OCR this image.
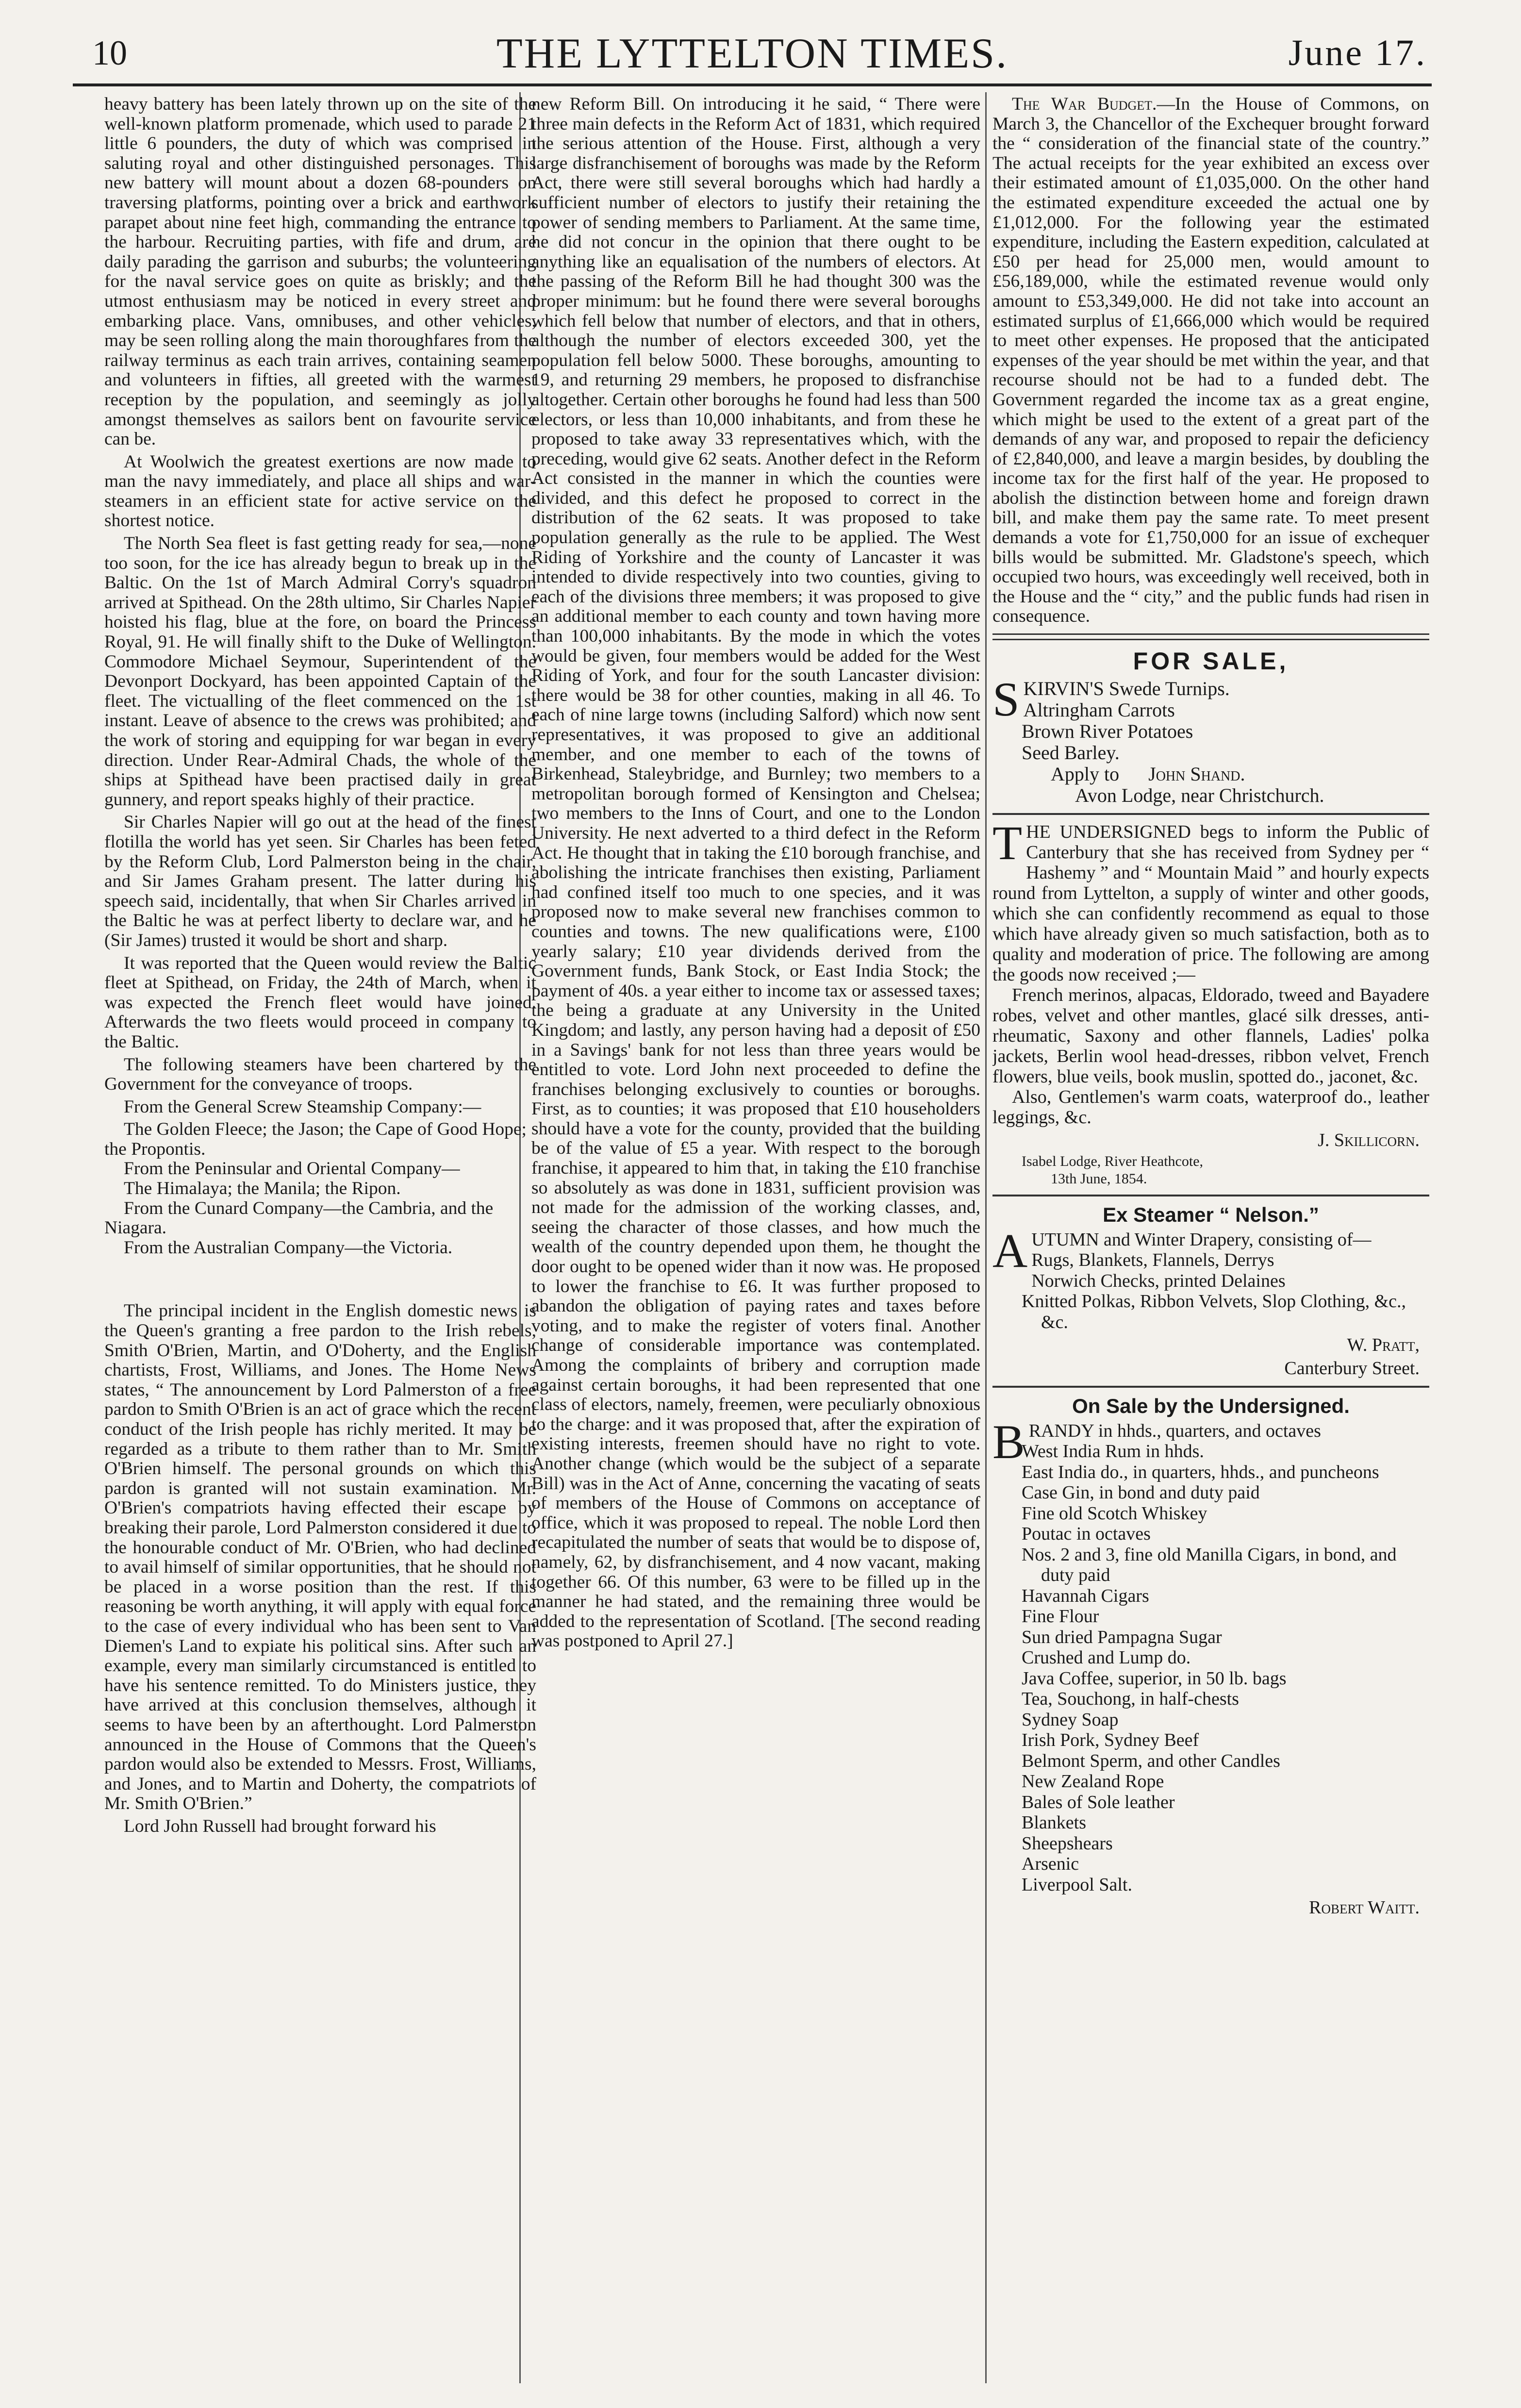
10	THE LYTTELTON TIMES.	June 17.

heavy battery has been lately thrown up on the site of the well-known platform promenade, which used to parade 21 little 6 pounders, the duty of which was comprised in saluting royal and other distinguished personages. This new battery will mount about a dozen 68-pounders on traversing platforms, pointing over a brick and earthwork parapet about nine feet high, commanding the entrance to the harbour. Recruiting parties, with fife and drum, are daily parading the garrison and suburbs; the volunteering for the naval service goes on quite as briskly; and the utmost enthusiasm may be noticed in every street and embarking place. Vans, omnibuses, and other vehicles, may be seen rolling along the main thoroughfares from the railway terminus as each train arrives, containing seamen and volunteers in fifties, all greeted with the warmest reception by the population, and seemingly as jolly amongst themselves as sailors bent on favourite service can be.

At Woolwich the greatest exertions are now made to man the navy immediately, and place all ships and war-steamers in an efficient state for active service on the shortest notice.

The North Sea fleet is fast getting ready for sea,—none too soon, for the ice has already begun to break up in the Baltic. On the 1st of March Admiral Corry's squadron arrived at Spithead. On the 28th ultimo, Sir Charles Napier hoisted his flag, blue at the fore, on board the Princess Royal, 91. He will finally shift to the Duke of Wellington. Commodore Michael Seymour, Superintendent of the Devonport Dockyard, has been appointed Captain of the fleet. The victualling of the fleet commenced on the 1st instant. Leave of absence to the crews was prohibited; and the work of storing and equipping for war began in every direction. Under Rear-Admiral Chads, the whole of the ships at Spithead have been practised daily in great gunnery, and report speaks highly of their practice.

Sir Charles Napier will go out at the head of the finest flotilla the world has yet seen. Sir Charles has been feted by the Reform Club, Lord Palmerston being in the chair, and Sir James Graham present. The latter during his speech said, incidentally, that when Sir Charles arrived in the Baltic he was at perfect liberty to declare war, and he (Sir James) trusted it would be short and sharp.

It was reported that the Queen would review the Baltic fleet at Spithead, on Friday, the 24th of March, when it was expected the French fleet would have joined. Afterwards the two fleets would proceed in company to the Baltic.

The following steamers have been chartered by the Government for the conveyance of troops.

From the General Screw Steamship Company:—

The Golden Fleece; the Jason; the Cape of Good Hope; the Propontis.

From the Peninsular and Oriental Company—

The Himalaya; the Manila; the Ripon.

From the Cunard Company—the Cambria, and the Niagara.

From the Australian Company—the Victoria.

The principal incident in the English domestic news is the Queen's granting a free pardon to the Irish rebels, Smith O'Brien, Martin, and O'Doherty, and the English chartists, Frost, Williams, and Jones. The Home News states, “ The announcement by Lord Palmerston of a free pardon to Smith O'Brien is an act of grace which the recent conduct of the Irish people has richly merited. It may be regarded as a tribute to them rather than to Mr. Smith O'Brien himself. The personal grounds on which this pardon is granted will not sustain examination. Mr. O'Brien's compatriots having effected their escape by breaking their parole, Lord Palmerston considered it due to the honourable conduct of Mr. O'Brien, who had declined to avail himself of similar opportunities, that he should not be placed in a worse position than the rest. If this reasoning be worth anything, it will apply with equal force to the case of every individual who has been sent to Van Diemen's Land to expiate his political sins. After such an example, every man similarly circumstanced is entitled to have his sentence remitted. To do Ministers justice, they have arrived at this conclusion themselves, although it seems to have been by an afterthought. Lord Palmerston announced in the House of Commons that the Queen's pardon would also be extended to Messrs. Frost, Williams, and Jones, and to Martin and Doherty, the compatriots of Mr. Smith O'Brien.”

Lord John Russell had brought forward his

new Reform Bill. On introducing it he said, “ There were three main defects in the Reform Act of 1831, which required the serious attention of the House. First, although a very large disfranchisement of boroughs was made by the Reform Act, there were still several boroughs which had hardly a sufficient number of electors to justify their retaining the power of sending members to Parliament. At the same time, he did not concur in the opinion that there ought to be anything like an equalisation of the numbers of electors. At the passing of the Reform Bill he had thought 300 was the proper minimum: but he found there were several boroughs which fell below that number of electors, and that in others, although the number of electors exceeded 300, yet the population fell below 5000. These boroughs, amounting to 19, and returning 29 members, he proposed to disfranchise altogether. Certain other boroughs he found had less than 500 electors, or less than 10,000 inhabitants, and from these he proposed to take away 33 representatives which, with the preceding, would give 62 seats. Another defect in the Reform Act consisted in the manner in which the counties were divided, and this defect he proposed to correct in the distribution of the 62 seats. It was proposed to take population generally as the rule to be applied. The West Riding of Yorkshire and the county of Lancaster it was intended to divide respectively into two counties, giving to each of the divisions three members; it was proposed to give an additional member to each county and town having more than 100,000 inhabitants. By the mode in which the votes would be given, four members would be added for the West Riding of York, and four for the south Lancaster division: there would be 38 for other counties, making in all 46. To each of nine large towns (including Salford) which now sent representatives, it was proposed to give an additional member, and one member to each of the towns of Birkenhead, Staleybridge, and Burnley; two members to a metropolitan borough formed of Kensington and Chelsea; two members to the Inns of Court, and one to the London University. He next adverted to a third defect in the Reform Act. He thought that in taking the £10 borough franchise, and abolishing the intricate franchises then existing, Parliament had confined itself too much to one species, and it was proposed now to make several new franchises common to counties and towns. The new qualifications were, £100 yearly salary; £10 year dividends derived from the Government funds, Bank Stock, or East India Stock; the payment of 40s. a year either to income tax or assessed taxes; the being a graduate at any University in the United Kingdom; and lastly, any person having had a deposit of £50 in a Savings' bank for not less than three years would be entitled to vote. Lord John next proceeded to define the franchises belonging exclusively to counties or boroughs. First, as to counties; it was proposed that £10 householders should have a vote for the county, provided that the building be of the value of £5 a year. With respect to the borough franchise, it appeared to him that, in taking the £10 franchise so absolutely as was done in 1831, sufficient provision was not made for the admission of the working classes, and, seeing the character of those classes, and how much the wealth of the country depended upon them, he thought the door ought to be opened wider than it now was. He proposed to lower the franchise to £6. It was further proposed to abandon the obligation of paying rates and taxes before voting, and to make the register of voters final. Another change of considerable importance was contemplated. Among the complaints of bribery and corruption made against certain boroughs, it had been represented that one class of electors, namely, freemen, were peculiarly obnoxious to the charge: and it was proposed that, after the expiration of existing interests, freemen should have no right to vote. Another change (which would be the subject of a separate Bill) was in the Act of Anne, concerning the vacating of seats of members of the House of Commons on acceptance of office, which it was proposed to repeal. The noble Lord then recapitulated the number of seats that would be to dispose of, namely, 62, by disfranchisement, and 4 now vacant, making together 66. Of this number, 63 were to be filled up in the manner he had stated, and the remaining three would be added to the representation of Scotland. [The second reading was postponed to April 27.]

The War Budget.—In the House of Commons, on March 3, the Chancellor of the Exchequer brought forward the “ consideration of the financial state of the country.” The actual receipts for the year exhibited an excess over their estimated amount of £1,035,000. On the other hand the estimated expenditure exceeded the actual one by £1,012,000. For the following year the estimated expenditure, including the Eastern expedition, calculated at £50 per head for 25,000 men, would amount to £56,189,000, while the estimated revenue would only amount to £53,349,000. He did not take into account an estimated surplus of £1,666,000 which would be required to meet other expenses. He proposed that the anticipated expenses of the year should be met within the year, and that recourse should not be had to a funded debt. The Government regarded the income tax as a great engine, which might be used to the extent of a great part of the demands of any war, and proposed to repair the deficiency of £2,840,000, and leave a margin besides, by doubling the income tax for the first half of the year. He proposed to abolish the distinction between home and foreign drawn bill, and make them pay the same rate. To meet present demands a vote for £1,750,000 for an issue of exchequer bills would be submitted. Mr. Gladstone's speech, which occupied two hours, was exceedingly well received, both in the House and the “ city,” and the public funds had risen in consequence.

FOR SALE,

SKIRVIN'S Swede Turnips.

Altringham Carrots

Brown River Potatoes

Seed Barley.

Apply to John Shand.

Avon Lodge, near Christchurch.

THE UNDERSIGNED begs to inform the Public of Canterbury that she has received from Sydney per “ Hashemy ” and “ Mountain Maid ” and hourly expects round from Lyttelton, a supply of winter and other goods, which she can confidently recommend as equal to those which have already given so much satisfaction, both as to quality and moderation of price. The following are among the goods now received ;—

French merinos, alpacas, Eldorado, tweed and Bayadere robes, velvet and other mantles, glacé silk dresses, anti-rheumatic, Saxony and other flannels, Ladies' polka jackets, Berlin wool head-dresses, ribbon velvet, French flowers, blue veils, book muslin, spotted do., jaconet, &c.

Also, Gentlemen's warm coats, waterproof do., leather leggings, &c.

J. Skillicorn.

Isabel Lodge, River Heathcote,

13th June, 1854.

Ex Steamer “ Nelson.”

AUTUMN and Winter Drapery, consisting of—

Rugs, Blankets, Flannels, Derrys

Norwich Checks, printed Delaines

Knitted Polkas, Ribbon Velvets, Slop Clothing, &c., &c.

W. Pratt,

Canterbury Street.

On Sale by the Undersigned.

BRANDY in hhds., quarters, and octaves

West India Rum in hhds.

East India do., in quarters, hhds., and puncheons

Case Gin, in bond and duty paid

Fine old Scotch Whiskey

Poutac in octaves

Nos. 2 and 3, fine old Manilla Cigars, in bond, and duty paid

Havannah Cigars

Fine Flour

Sun dried Pampagna Sugar

Crushed and Lump do.

Java Coffee, superior, in 50 lb. bags

Tea, Souchong, in half-chests

Sydney Soap

Irish Pork, Sydney Beef

Belmont Sperm, and other Candles

New Zealand Rope

Bales of Sole leather

Blankets

Sheepshears

Arsenic

Liverpool Salt.

Robert Waitt.
